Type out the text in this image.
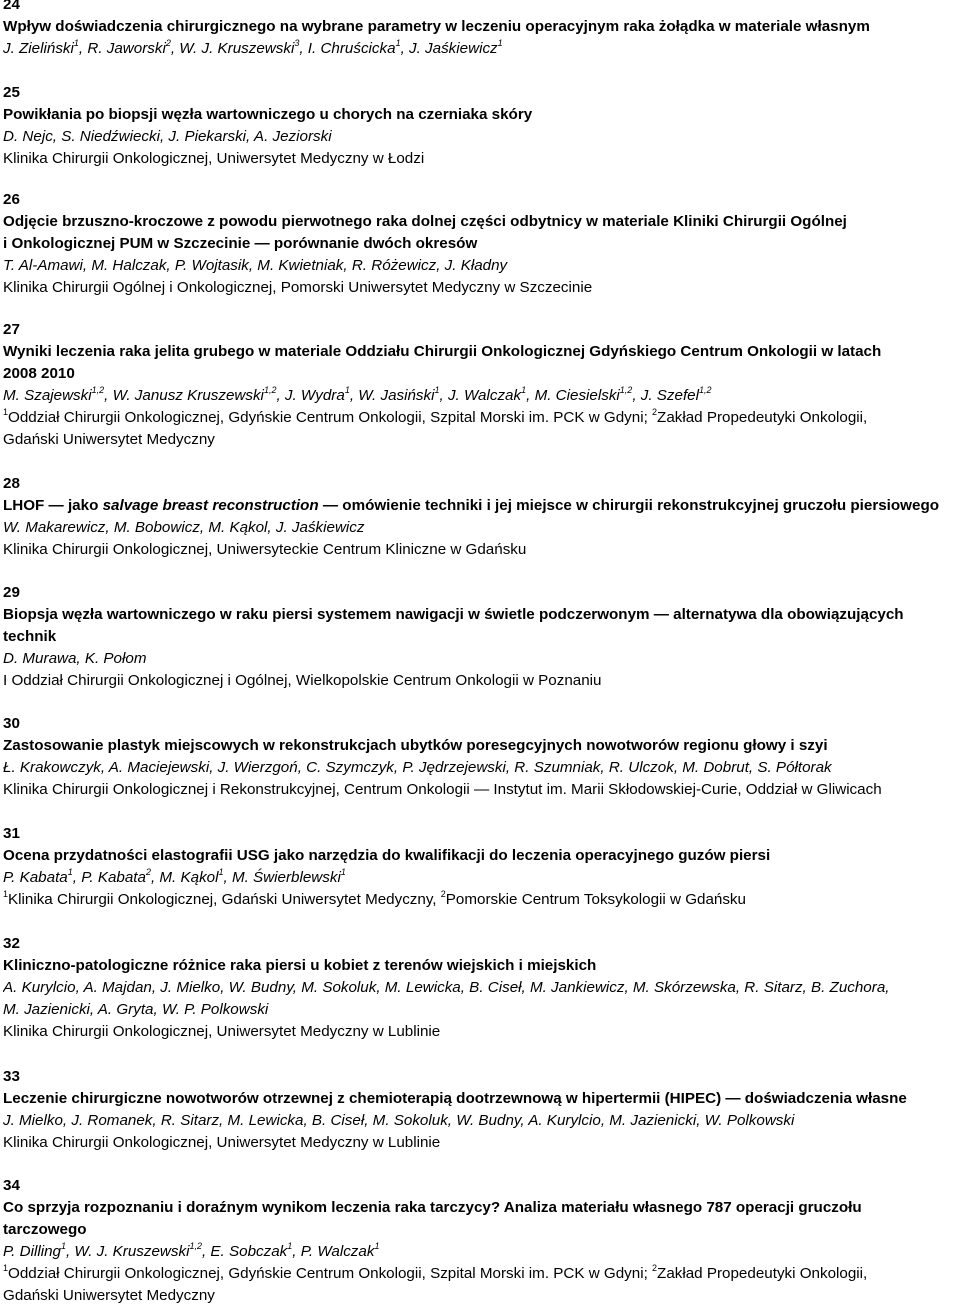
24
Wpływ doświadczenia chirurgicznego na wybrane parametry w leczeniu operacyjnym raka żołądka w materiale własnym
J. Zieliński$^1$, R. Jaworski$^2$, W. J. Kruszewski$^3$, I. Chruścicka$^1$, J. Jaśkiewicz$^1$
25
Powikłania po biopsji węzła wartowniczego u chorych na czerniaka skóry
D. Nejc, S. Niedźwiecki, J. Piekarski, A. Jeziorski
Klinika Chirurgii Onkologicznej, Uniwersytet Medyczny w Łodzi
26
Odjęcie brzuszno-kroczowe z powodu pierwotnego raka dolnej części odbytnicy w materiale Kliniki Chirurgii Ogólnej
i Onkologicznej PUM w Szczecinie — porównanie dwóch okresów
T. Al-Amawi, M. Halczak, P. Wojtasik, M. Kwietniak, R. Różewicz, J. Kładny
Klinika Chirurgii Ogólnej i Onkologicznej, Pomorski Uniwersytet Medyczny w Szczecinie
27
Wyniki leczenia raka jelita grubego w materiale Oddziału Chirurgii Onkologicznej Gdyńskiego Centrum Onkologii w latach
2008 2010
M. Szajewski$^{1,2}$, W. Janusz Kruszewski$^{1,2}$, J. Wydra$^1$, W. Jasiński$^1$, J. Walczak$^1$, M. Ciesielski$^{1,2}$, J. Szefel$^{1,2}$
$^1$Oddział Chirurgii Onkologicznej, Gdyńskie Centrum Onkologii, Szpital Morski im. PCK w Gdyni; $^2$Zakład Propedeutyki Onkologii,
Gdański Uniwersytet Medyczny
28
LHOF — jako salvage breast reconstruction — omówienie techniki i jej miejsce w chirurgii rekonstrukcyjnej gruczołu piersiowego
W. Makarewicz, M. Bobowicz, M. Kąkol, J. Jaśkiewicz
Klinika Chirurgii Onkologicznej, Uniwersyteckie Centrum Kliniczne w Gdańsku
29
Biopsja węzła wartowniczego w raku piersi systemem nawigacji w świetle podczerwonym — alternatywa dla obowiązujących
technik
D. Murawa, K. Połom
I Oddział Chirurgii Onkologicznej i Ogólnej, Wielkopolskie Centrum Onkologii w Poznaniu
30
Zastosowanie plastyk miejscowych w rekonstrukcjach ubytków poresegcyjnych nowotworów regionu głowy i szyi
Ł. Krakowczyk, A. Maciejewski, J. Wierzgoń, C. Szymczyk, P. Jędrzejewski, R. Szumniak, R. Ulczok, M. Dobrut, S. Półtorak
Klinika Chirurgii Onkologicznej i Rekonstrukcyjnej, Centrum Onkologii — Instytut im. Marii Skłodowskiej-Curie, Oddział w Gliwicach
31
Ocena przydatności elastografii USG jako narzędzia do kwalifikacji do leczenia operacyjnego guzów piersi
P. Kabata$^1$, P. Kabata$^2$, M. Kąkol$^1$, M. Świerblewski$^1$
$^1$Klinika Chirurgii Onkologicznej, Gdański Uniwersytet Medyczny, $^2$Pomorskie Centrum Toksykologii w Gdańsku
32
Kliniczno-patologiczne różnice raka piersi u kobiet z terenów wiejskich i miejskich
A. Kurylcio, A. Majdan, J. Mielko, W. Budny, M. Sokoluk, M. Lewicka, B. Ciseł, M. Jankiewicz, M. Skórzewska, R. Sitarz, B. Zuchora,
M. Jazienicki, A. Gryta, W. P. Polkowski
Klinika Chirurgii Onkologicznej, Uniwersytet Medyczny w Lublinie
33
Leczenie chirurgiczne nowotworów otrzewnej z chemioterapią dootrzewnową w hipertermii (HIPEC) — doświadczenia własne
J. Mielko, J. Romanek, R. Sitarz, M. Lewicka, B. Ciseł, M. Sokoluk, W. Budny, A. Kurylcio, M. Jazienicki, W. Polkowski
Klinika Chirurgii Onkologicznej, Uniwersytet Medyczny w Lublinie
34
Co sprzyja rozpoznaniu i doraźnym wynikom leczenia raka tarczycy? Analiza materiału własnego 787 operacji gruczołu
tarczowego
P. Dilling$^1$, W. J. Kruszewski$^{1,2}$, E. Sobczak$^1$, P. Walczak$^1$
$^1$Oddział Chirurgii Onkologicznej, Gdyńskie Centrum Onkologii, Szpital Morski im. PCK w Gdyni; $^2$Zakład Propedeutyki Onkologii,
Gdański Uniwersytet Medyczny
